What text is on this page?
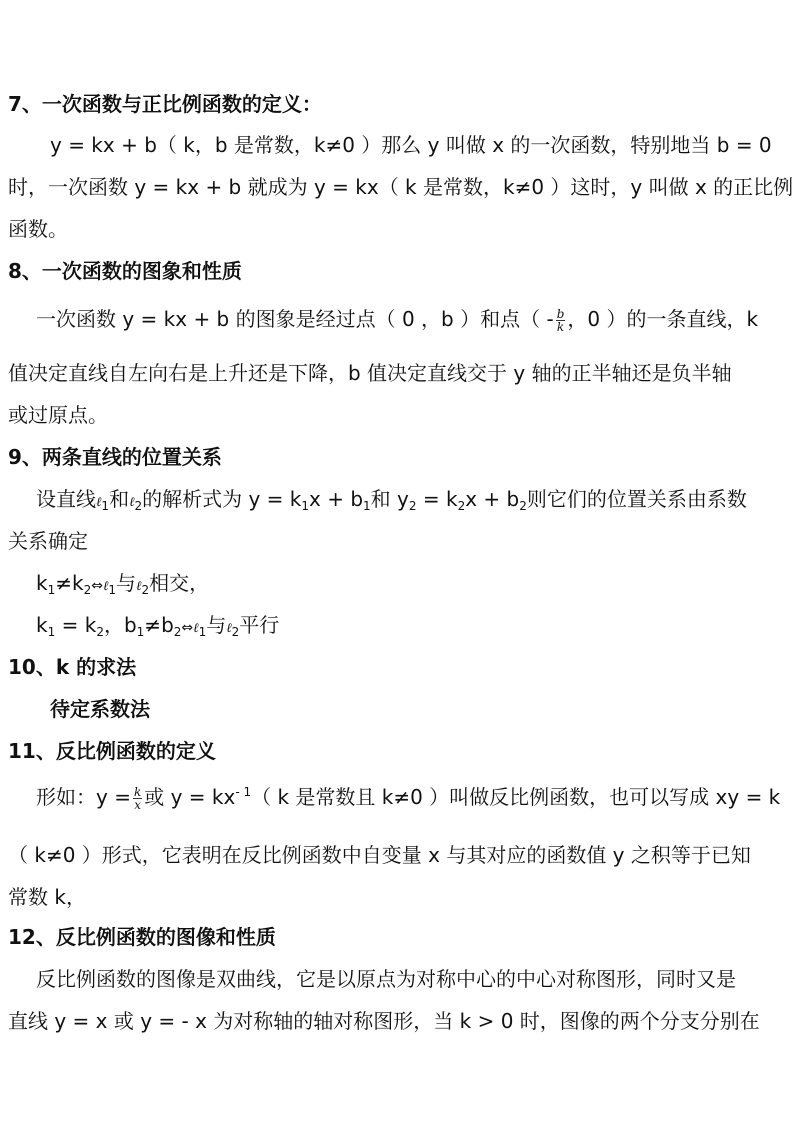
7、一次函数与正比例函数的定义：
y = kx + b（ k，b 是常数，k≠0 ）那么 y 叫做 x 的一次函数，特别地当 b = 0
时，一次函数 y = kx + b 就成为 y = kx（ k 是常数，k≠0 ）这时，y 叫做 x 的正比例
函数。
8、一次函数的图象和性质
一次函数 y = kx + b 的图象是经过点（ 0 ，b ）和点（ - $\frac{b}{k}$ ，0 ）的一条直线，k
值决定直线自左向右是上升还是下降，b 值决定直线交于 y 轴的正半轴还是负半轴
或过原点。
9、两条直线的位置关系
设直线ℓ$_1$和ℓ$_2$的解析式为 $y = k_1x + b_1$和 $y_2 = k_2x + b_2$则它们的位置关系由系数
关系确定
$k_1\ne k_2\Leftrightarrow\ell_1$与ℓ$_2$相交，
$k_1 = k_2$，$b_1\ne b_2\Leftrightarrow\ell_1$与ℓ$_2$平行
10、k 的求法
待定系数法
11、反比例函数的定义
形如：$y = \frac{k}{x}$ 或 $y = kx^{- 1}$（ k 是常数且 k≠0 ）叫做反比例函数，也可以写成 xy = k
（ k≠0 ）形式，它表明在反比例函数中自变量 x 与其对应的函数值 y 之积等于已知
常数 k，
12、反比例函数的图像和性质
反比例函数的图像是双曲线，它是以原点为对称中心的中心对称图形，同时又是
直线 y = x 或 y = - x 为对称轴的轴对称图形，当 k > 0 时，图像的两个分支分别在
